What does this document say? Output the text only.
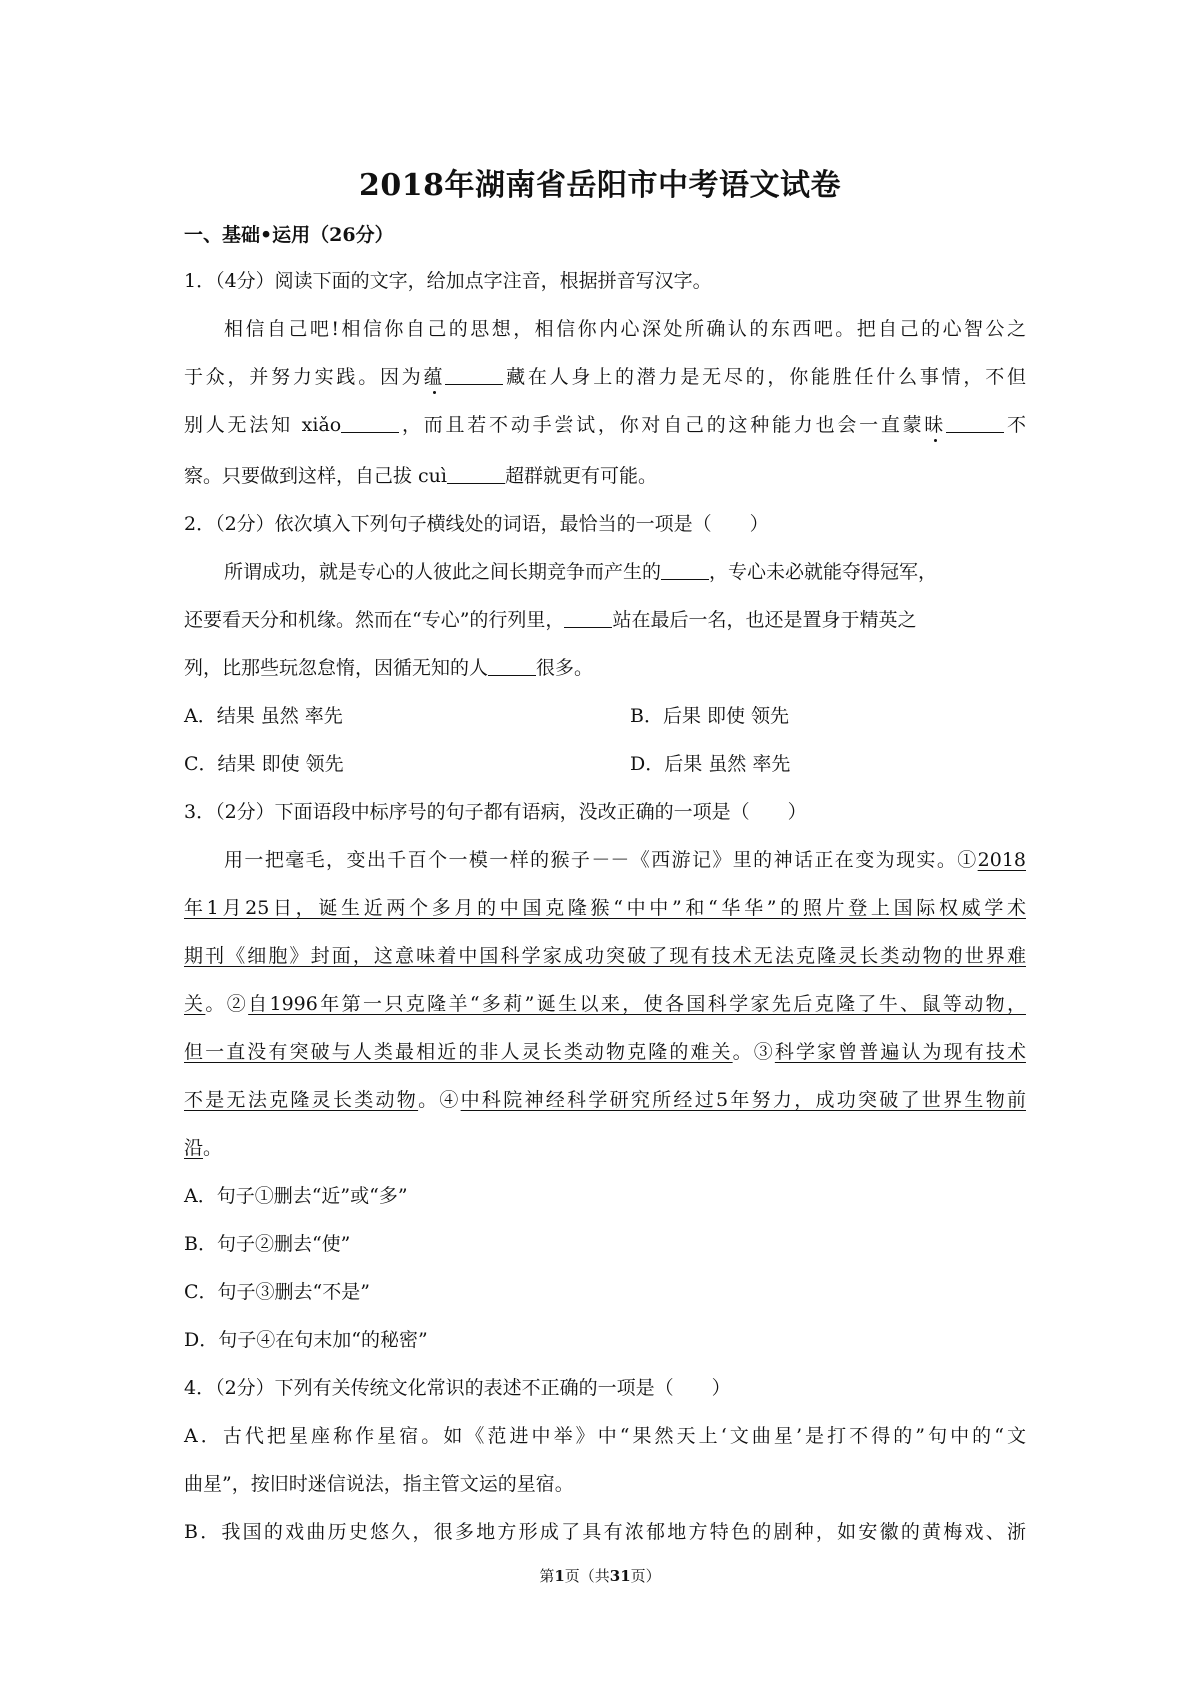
2018年湖南省岳阳市中考语文试卷
一、基础•运用（26分）
1．（4分）阅读下面的文字，给加点字注音，根据拼音写汉字。
相信自己吧!相信你自己的思想，相信你内心深处所确认的东西吧。把自己的心智公之
于众，并努力实践。因为蕴	藏在人身上的潜力是无尽的，你能胜任什么事情，不但
别人无法知 xiǎo	，而且若不动手尝试，你对自己的这种能力也会一直蒙昧	不
察。只要做到这样，自己拔 cuì	超群就更有可能。
2．（2分）依次填入下列句子横线处的词语，最恰当的一项是（　　）
所谓成功，就是专心的人彼此之间长期竞争而产生的	，专心未必就能夺得冠军，
还要看天分和机缘。然而在“专心”的行列里，	站在最后一名，也还是置身于精英之
列，比那些玩忽怠惰，因循无知的人	很多。
A．结果 虽然 率先	B．后果 即使 领先
C．结果 即使 领先	D．后果 虽然 率先
3．（2分）下面语段中标序号的句子都有语病，没改正确的一项是（　　）
用一把毫毛，变出千百个一模一样的猴子－－《西游记》里的神话正在变为现实。①2018
年1月25日，诞生近两个多月的中国克隆猴“中中”和“华华”的照片登上国际权威学术
期刊《细胞》封面，这意味着中国科学家成功突破了现有技术无法克隆灵长类动物的世界难
关。②自1996年第一只克隆羊“多莉”诞生以来，使各国科学家先后克隆了牛、鼠等动物，
但一直没有突破与人类最相近的非人灵长类动物克隆的难关。③科学家曾普遍认为现有技术
不是无法克隆灵长类动物。④中科院神经科学研究所经过5年努力，成功突破了世界生物前
沿。
A．句子①删去“近”或“多”
B．句子②删去“使”
C．句子③删去“不是”
D．句子④在句末加“的秘密”
4．（2分）下列有关传统文化常识的表述不正确的一项是（　　）
A．古代把星座称作星宿。如《范进中举》中“果然天上‘文曲星’是打不得的”句中的“文
曲星”，按旧时迷信说法，指主管文运的星宿。
B．我国的戏曲历史悠久，很多地方形成了具有浓郁地方特色的剧种，如安徽的黄梅戏、浙
第1页（共31页）
